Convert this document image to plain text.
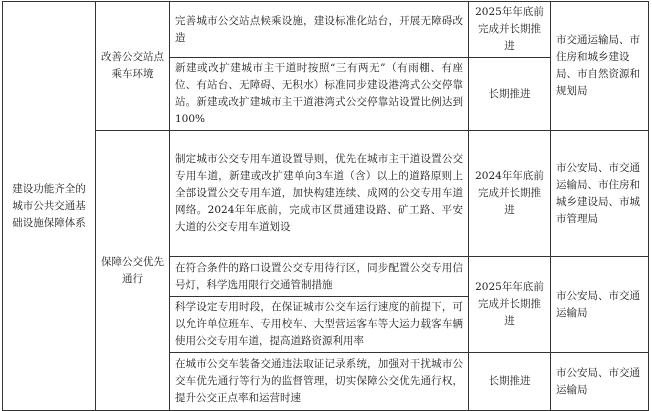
建设功能齐全的城市公共交通基础设施保障体系	改善公交站点乘车环境	完善城市公交站点候乘设施，建设标准化站台，开展无障碍改造	2025年年底前完成并长期推进	市交通运输局、市住房和城乡建设局、市自然资源和规划局
		新建或改扩建城市主干道时按照“三有两无”（有雨棚、有座位、有站台、无障碍、无积水）标准同步建设港湾式公交停靠站。新建或改扩建城市主干道港湾式公交停靠站设置比例达到100%	长期推进	
	保障公交优先通行	制定城市公交专用车道设置导则，优先在城市主干道设置公交专用车道，新建或改扩建单向3车道（含）以上的道路原则上全部设置公交专用车道，加快构建连续、成网的公交专用车道网络。2024年年底前，完成市区贯通建设路、矿工路、平安大道的公交专用车道划设	2024年年底前完成并长期推进	市公安局、市交通运输局、市住房和城乡建设局、市城市管理局
		在符合条件的路口设置公交专用待行区，同步配置公交专用信号灯，科学选用限行交通管制措施	2025年年底前完成并长期推进	市公安局、市交通运输局
		科学设定专用时段，在保证城市公交车运行速度的前提下，可以允许单位班车、专用校车、大型营运客车等大运力载客车辆使用公交专用车道，提高道路资源利用率		
		在城市公交车装备交通违法取证记录系统，加强对干扰城市公交车优先通行等行为的监督管理，切实保障公交优先通行权，提升公交正点率和运营时速	长期推进	市公安局、市交通运输局
